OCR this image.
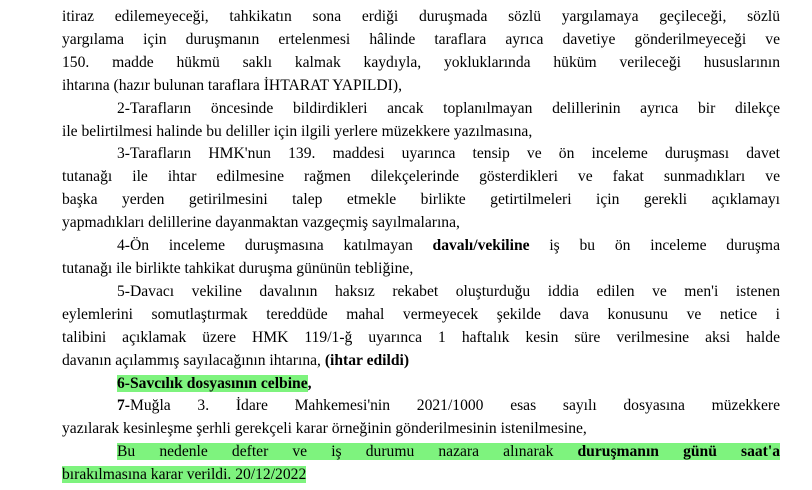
itiraz edilemeyeceği, tahkikatın sona erdiği duruşmada sözlü yargılamaya geçileceği, sözlü
yargılama için duruşmanın ertelenmesi hâlinde taraflara ayrıca davetiye gönderilmeyeceği ve
150. madde hükmü saklı kalmak kaydıyla, yokluklarında hüküm verileceği hususlarının
ihtarına (hazır bulunan taraflara İHTARAT YAPILDI),
2-Tarafların öncesinde bildirdikleri ancak toplanılmayan delillerinin ayrıca bir dilekçe
ile belirtilmesi halinde bu deliller için ilgili yerlere müzekkere yazılmasına,
3-Tarafların HMK'nun 139. maddesi uyarınca tensip ve ön inceleme duruşması davet
tutanağı ile ihtar edilmesine rağmen dilekçelerinde gösterdikleri ve fakat sunmadıkları ve
başka yerden getirilmesini talep etmekle birlikte getirtilmeleri için gerekli açıklamayı
yapmadıkları delillerine dayanmaktan vazgeçmiş sayılmalarına,
4-Ön inceleme duruşmasına katılmayan davalı/vekiline iş bu ön inceleme duruşma
tutanağı ile birlikte tahkikat duruşma gününün tebliğine,
5-Davacı vekiline davalının haksız rekabet oluşturduğu iddia edilen ve men'i istenen
eylemlerini somutlaştırmak tereddüde mahal vermeyecek şekilde dava konusunu ve netice i
talibini açıklamak üzere HMK 119/1-ğ uyarınca 1 haftalık kesin süre verilmesine aksi halde
davanın açılammış sayılacağının ihtarına, (ihtar edildi)
6-Savcılık dosyasının celbine,
7-Muğla 3. İdare Mahkemesi'nin 2021/1000 esas sayılı dosyasına müzekkere
yazılarak kesinleşme şerhli gerekçeli karar örneğinin gönderilmesinin istenilmesine,
Bu nedenle defter ve iş durumu nazara alınarak duruşmanın günü saat'a
bırakılmasına karar verildi. 20/12/2022
